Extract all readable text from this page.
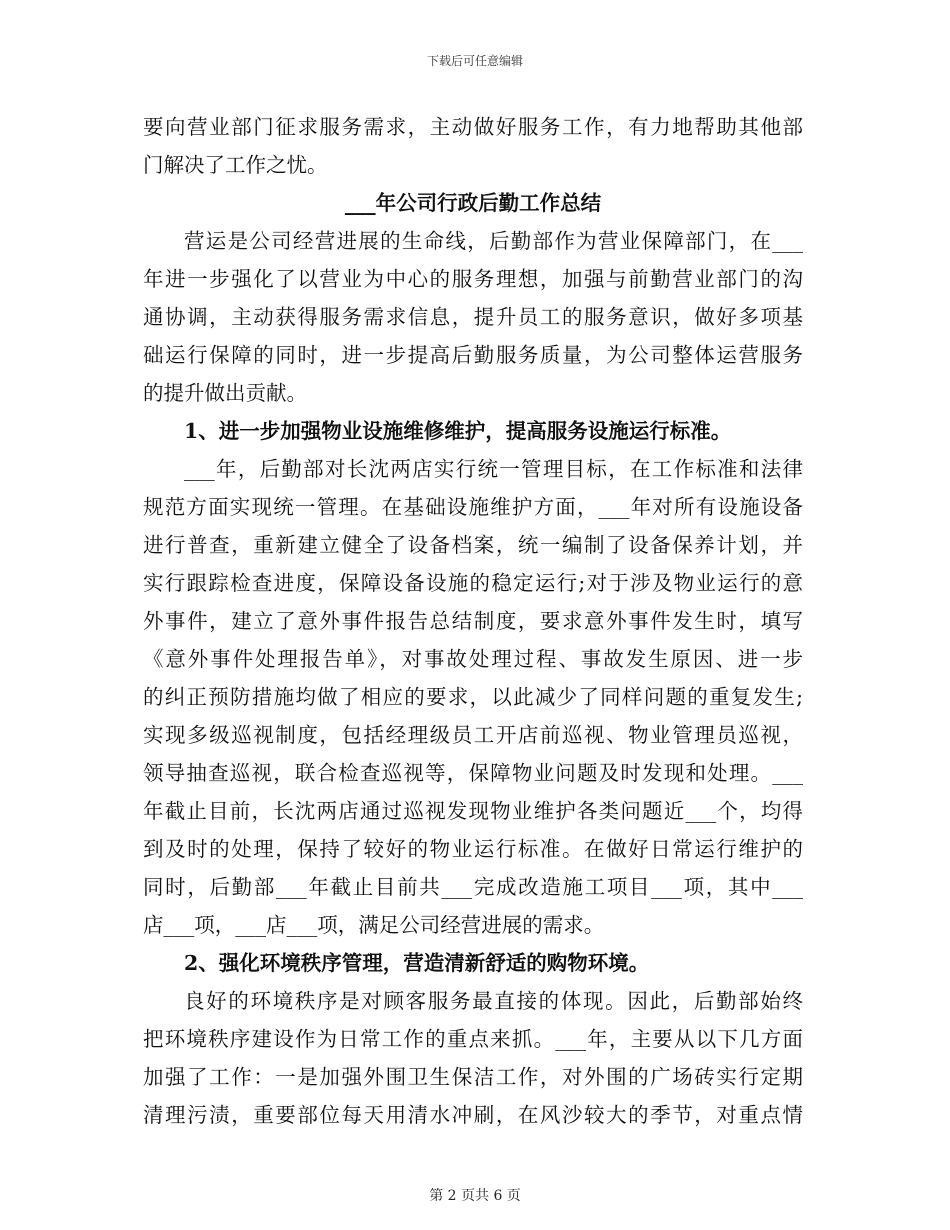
下载后可任意编辑
要向营业部门征求服务需求，主动做好服务工作，有力地帮助其他部
门解决了工作之忧。
___年公司行政后勤工作总结
营运是公司经营进展的生命线，后勤部作为营业保障部门，在___
年进一步强化了以营业为中心的服务理想，加强与前勤营业部门的沟
通协调，主动获得服务需求信息，提升员工的服务意识，做好多项基
础运行保障的同时，进一步提高后勤服务质量，为公司整体运营服务
的提升做出贡献。
1、进一步加强物业设施维修维护，提高服务设施运行标准。
___年，后勤部对长沈两店实行统一管理目标，在工作标准和法律
规范方面实现统一管理。在基础设施维护方面，___年对所有设施设备
进行普查，重新建立健全了设备档案，统一编制了设备保养计划，并
实行跟踪检查进度，保障设备设施的稳定运行;对于涉及物业运行的意
外事件，建立了意外事件报告总结制度，要求意外事件发生时，填写
《意外事件处理报告单》，对事故处理过程、事故发生原因、进一步
的纠正预防措施均做了相应的要求，以此减少了同样问题的重复发生;
实现多级巡视制度，包括经理级员工开店前巡视、物业管理员巡视，
领导抽查巡视，联合检查巡视等，保障物业问题及时发现和处理。___
年截止目前，长沈两店通过巡视发现物业维护各类问题近___个，均得
到及时的处理，保持了较好的物业运行标准。在做好日常运行维护的
同时，后勤部___年截止目前共___完成改造施工项目___项，其中___
店___项，___店___项，满足公司经营进展的需求。
2、强化环境秩序管理，营造清新舒适的购物环境。
良好的环境秩序是对顾客服务最直接的体现。因此，后勤部始终
把环境秩序建设作为日常工作的重点来抓。___年，主要从以下几方面
加强了工作：一是加强外围卫生保洁工作，对外围的广场砖实行定期
清理污渍，重要部位每天用清水冲刷，在风沙较大的季节，对重点情
第 2 页共 6 页
